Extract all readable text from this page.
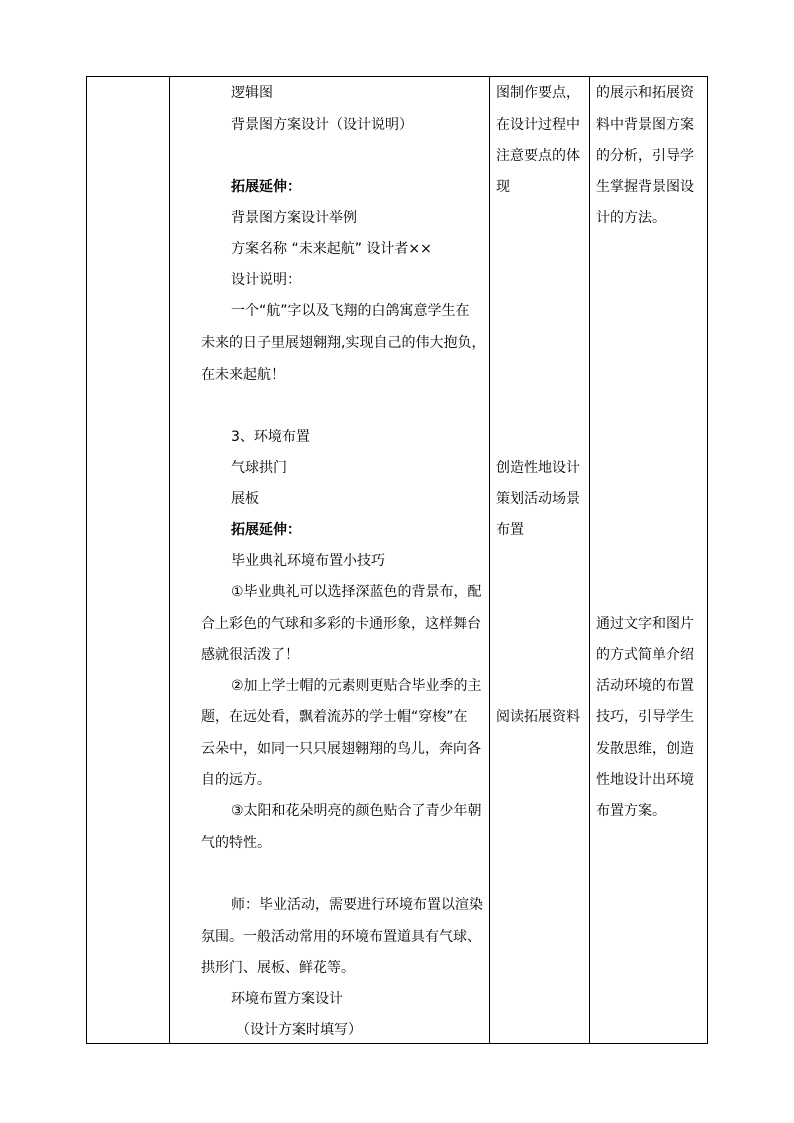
逻辑图
背景图方案设计（设计说明）
拓展延伸：
背景图方案设计举例
方案名称 “未来起航” 设计者××
设计说明：
一个“航”字以及飞翔的白鸽寓意学生在
未来的日子里展翅翱翔,实现自己的伟大抱负，
在未来起航！
3、环境布置
气球拱门
展板
拓展延伸：
毕业典礼环境布置小技巧
①毕业典礼可以选择深蓝色的背景布，配
合上彩色的气球和多彩的卡通形象，这样舞台
感就很活泼了！
②加上学士帽的元素则更贴合毕业季的主
题，在远处看，飘着流苏的学士帽“穿梭”在
云朵中，如同一只只展翅翱翔的鸟儿，奔向各
自的远方。
③太阳和花朵明亮的颜色贴合了青少年朝
气的特性。
师：毕业活动，需要进行环境布置以渲染
氛围。一般活动常用的环境布置道具有气球、
拱形门、展板、鲜花等。
环境布置方案设计
（设计方案时填写）
图制作要点，
在设计过程中
注意要点的体
现
创造性地设计
策划活动场景
布置
阅读拓展资料
的展示和拓展资
料中背景图方案
的分析，引导学
生掌握背景图设
计的方法。
通过文字和图片
的方式简单介绍
活动环境的布置
技巧，引导学生
发散思维，创造
性地设计出环境
布置方案。
